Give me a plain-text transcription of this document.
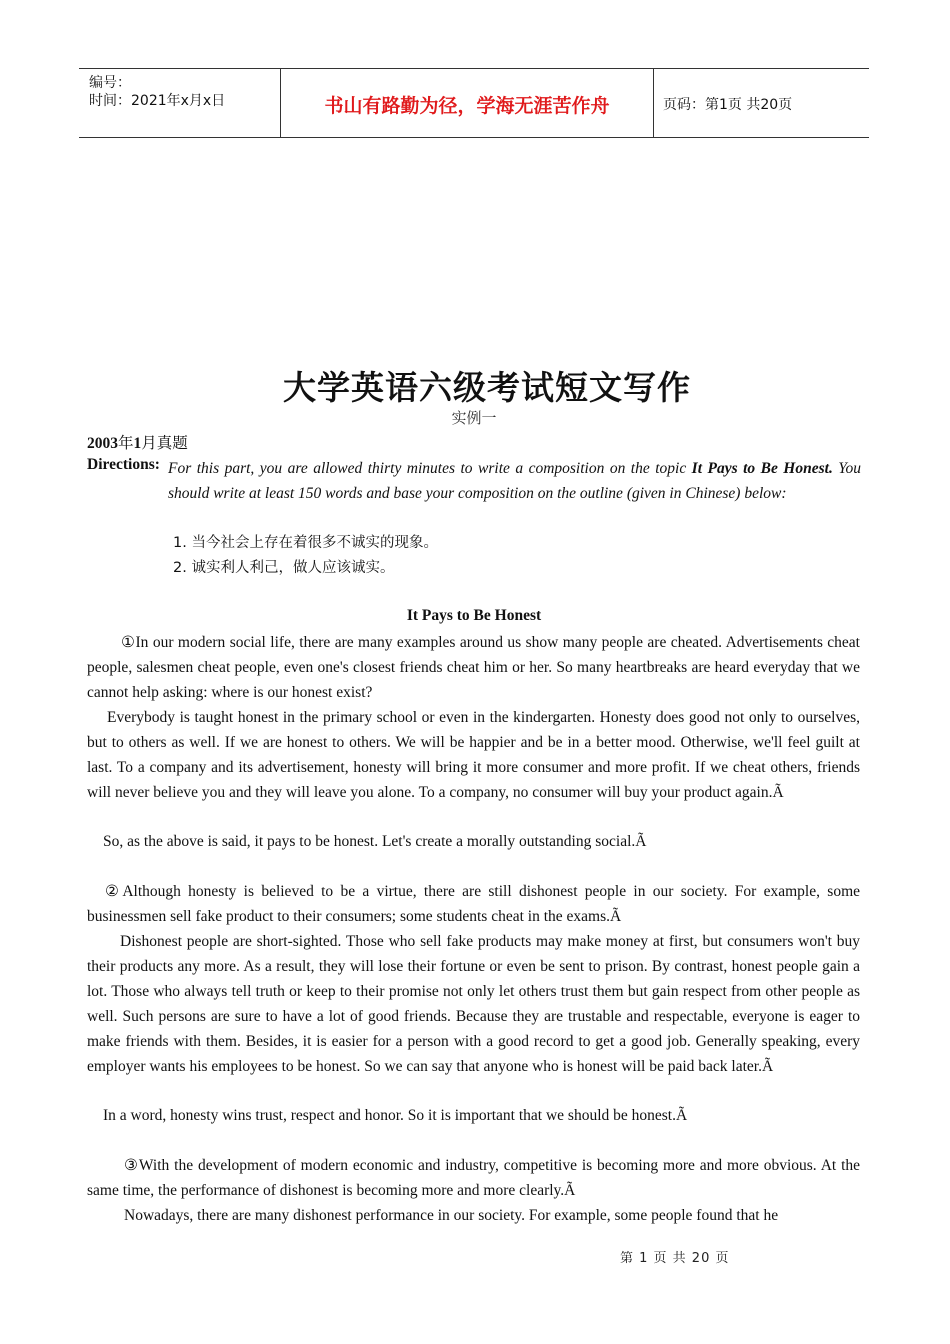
编号：
时间：2021年x月x日	书山有路勤为径，学海无涯苦作舟	页码：第1页 共20页
大学英语六级考试短文写作
实例一
2003年1月真题
Directions: For this part, you are allowed thirty minutes to write a composition on the topic It Pays to Be Honest. You should write at least 150 words and base your composition on the outline (given in Chinese) below:
1. 当今社会上存在着很多不诚实的现象。
2. 诚实利人利己，做人应该诚实。
It Pays to Be Honest
①In our modern social life, there are many examples around us show many people are cheated. Advertisements cheat people, salesmen cheat people, even one's closest friends cheat him or her. So many heartbreaks are heard everyday that we cannot help asking: where is our honest exist?
Everybody is taught honest in the primary school or even in the kindergarten. Honesty does good not only to ourselves, but to others as well. If we are honest to others. We will be happier and be in a better mood. Otherwise, we'll feel guilt at last. To a company and its advertisement, honesty will bring it more consumer and more profit. If we cheat others, friends will never believe you and they will leave you alone. To a company, no consumer will buy your product again.Ã
So, as the above is said, it pays to be honest. Let's create a morally outstanding social.Ã
②Although honesty is believed to be a virtue, there are still dishonest people in our society. For example, some businessmen sell fake product to their consumers; some students cheat in the exams.Ã
Dishonest people are short-sighted. Those who sell fake products may make money at first, but consumers won't buy their products any more. As a result, they will lose their fortune or even be sent to prison. By contrast, honest people gain a lot. Those who always tell truth or keep to their promise not only let others trust them but gain respect from other people as well. Such persons are sure to have a lot of good friends. Because they are trustable and respectable, everyone is eager to make friends with them. Besides, it is easier for a person with a good record to get a good job. Generally speaking, every employer wants his employees to be honest. So we can say that anyone who is honest will be paid back later.Ã
In a word, honesty wins trust, respect and honor. So it is important that we should be honest.Ã
③With the development of modern economic and industry, competitive is becoming more and more obvious. At the same time, the performance of dishonest is becoming more and more clearly.Ã
Nowadays, there are many dishonest performance in our society. For example, some people found that he
第 1 页 共 20 页
